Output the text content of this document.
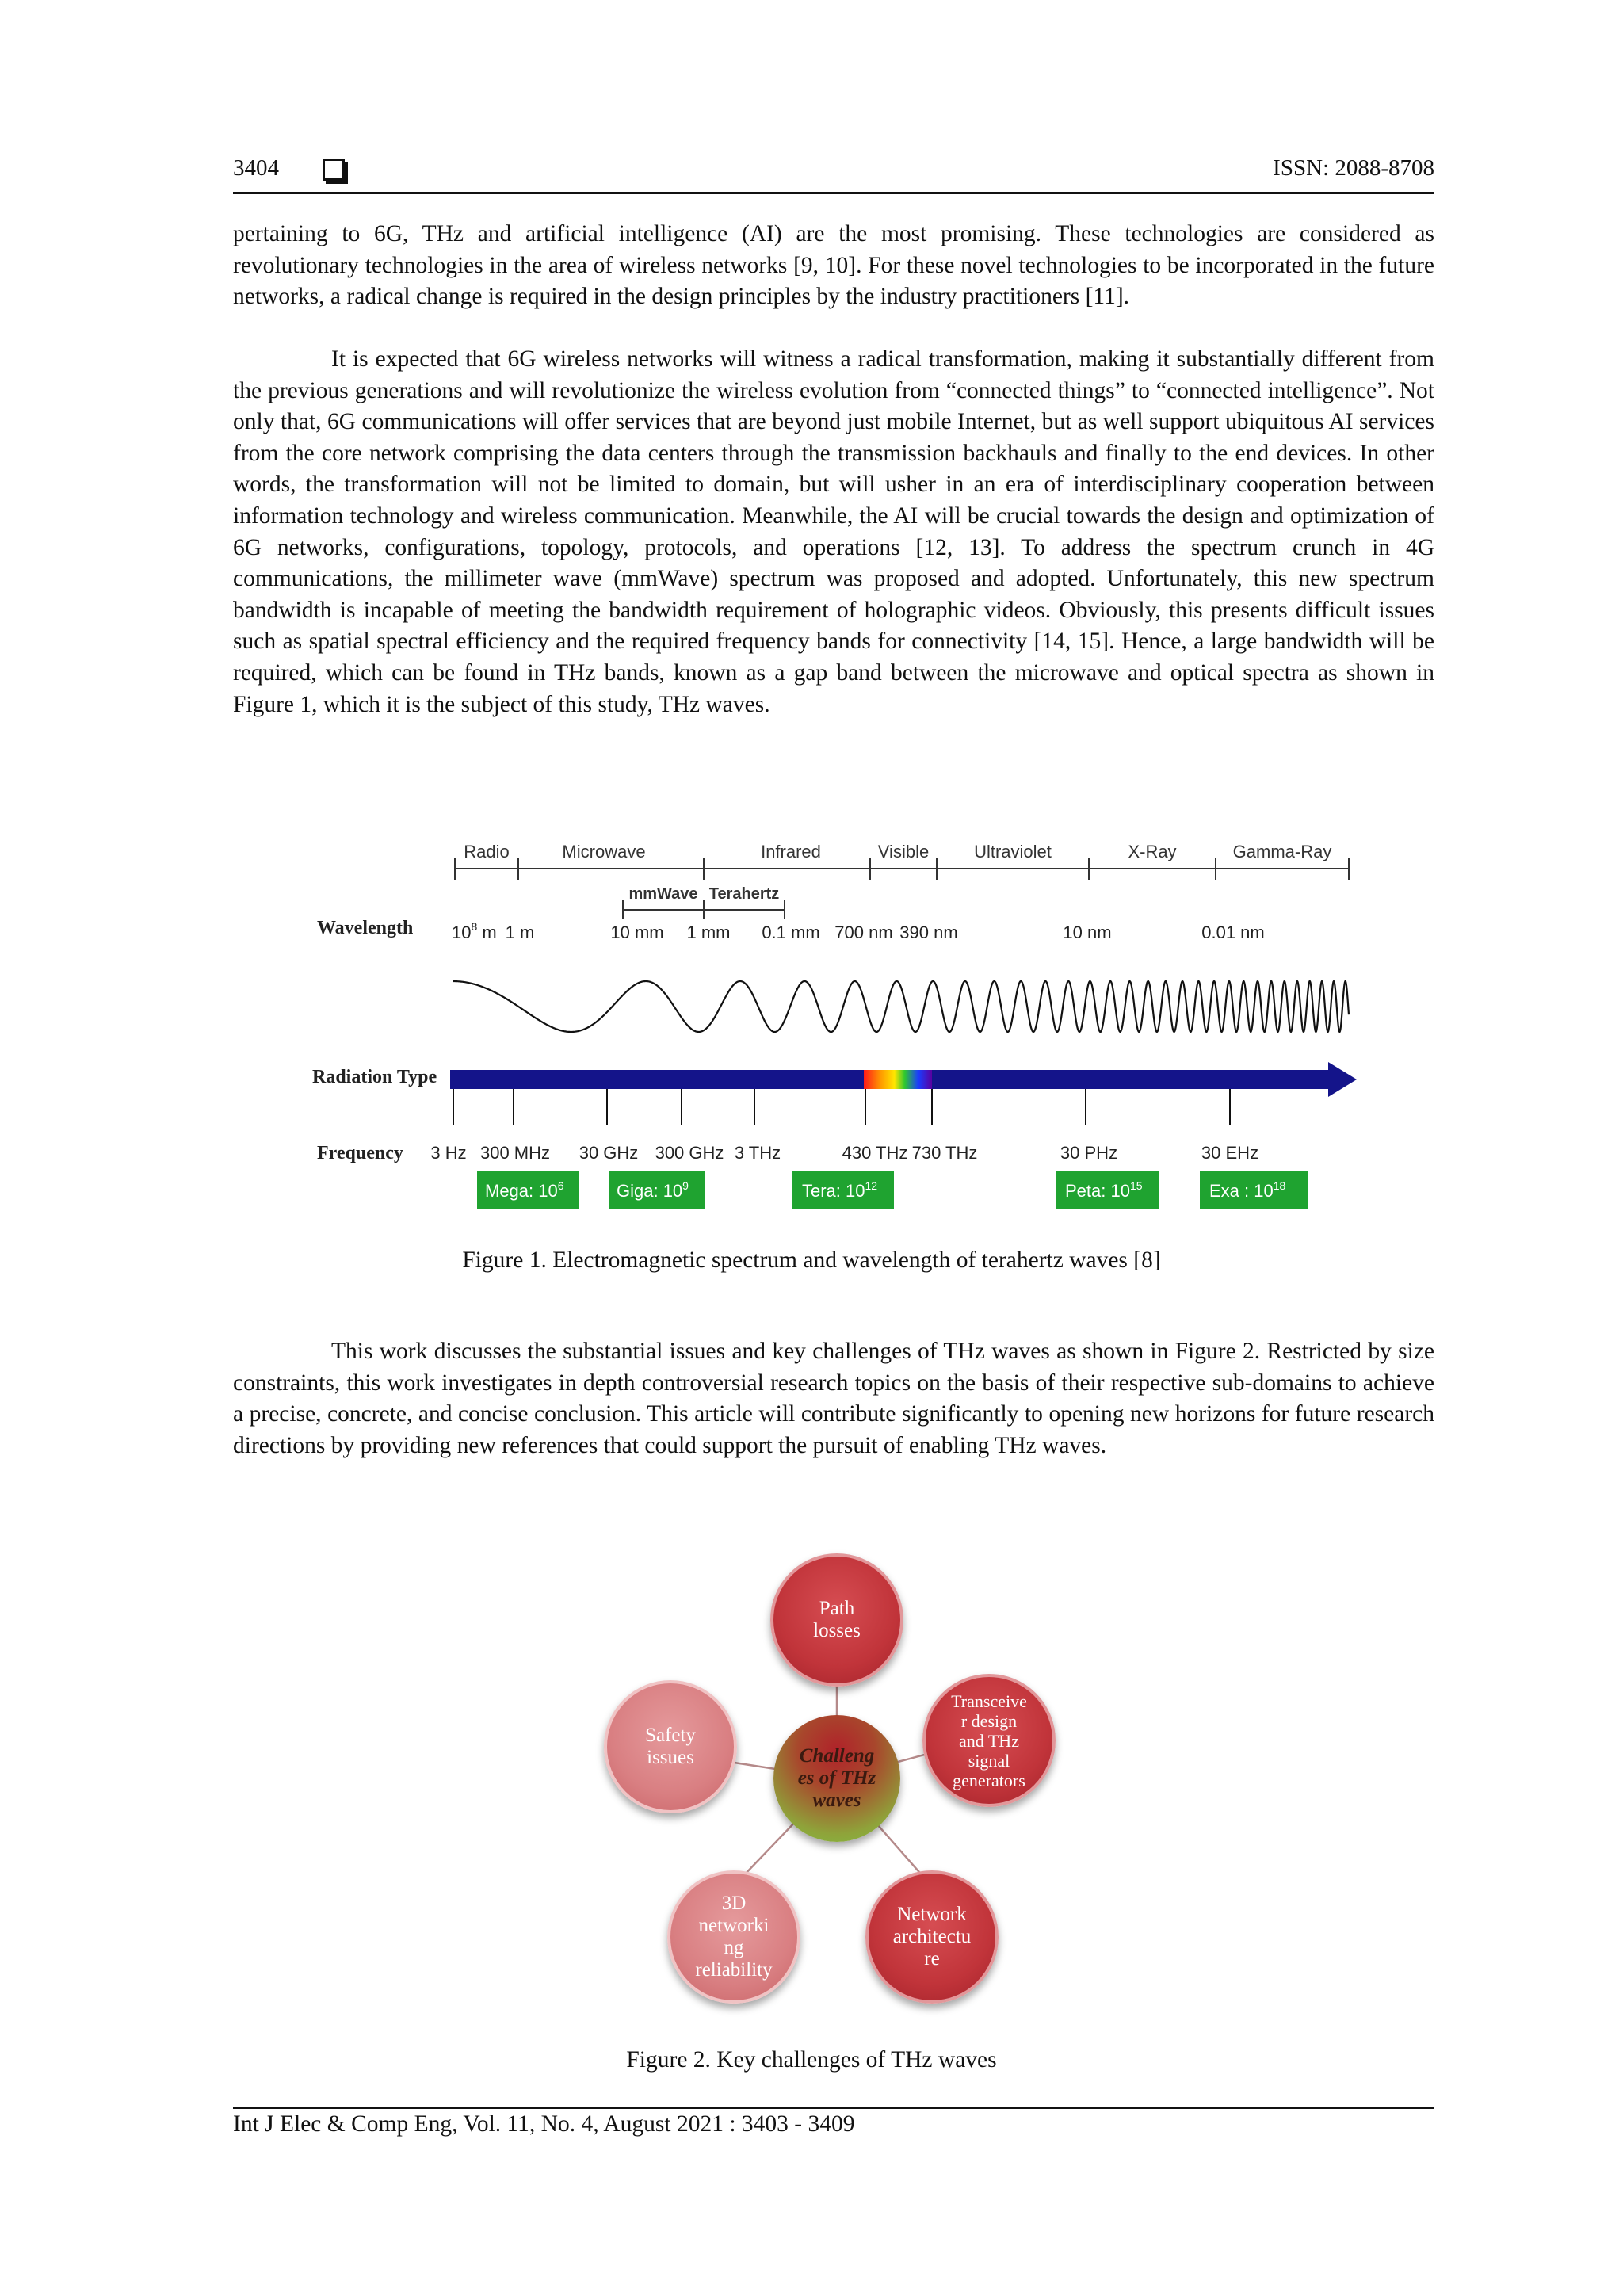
3404	ISSN: 2088-8708

pertaining to 6G, THz and artificial intelligence (AI) are the most promising. These technologies are considered as revolutionary technologies in the area of wireless networks [9, 10]. For these novel technologies to be incorporated in the future networks, a radical change is required in the design principles by the industry practitioners [11].

It is expected that 6G wireless networks will witness a radical transformation, making it substantially different from the previous generations and will revolutionize the wireless evolution from “connected things” to “connected intelligence”. Not only that, 6G communications will offer services that are beyond just mobile Internet, but as well support ubiquitous AI services from the core network comprising the data centers through the transmission backhauls and finally to the end devices. In other words, the transformation will not be limited to domain, but will usher in an era of interdisciplinary cooperation between information technology and wireless communication. Meanwhile, the AI will be crucial towards the design and optimization of 6G networks, configurations, topology, protocols, and operations [12, 13]. To address the spectrum crunch in 4G communications, the millimeter wave (mmWave) spectrum was proposed and adopted. Unfortunately, this new spectrum bandwidth is incapable of meeting the bandwidth requirement of holographic videos. Obviously, this presents difficult issues such as spatial spectral efficiency and the required frequency bands for connectivity [14, 15]. Hence, a large bandwidth will be required, which can be found in THz bands, known as a gap band between the microwave and optical spectra as shown in Figure 1, which it is the subject of this study, THz waves.

Radio	Microwave	Infrared	Visible	Ultraviolet	X-Ray	Gamma-Ray
mmWave Terahertz
Wavelength
Radiation Type
Frequency
$10^8$ m 1 m	10 mm 1 mm 0.1 mm 700 nm 390 nm	10 nm	0.01 nm
3 Hz 300 MHz 30 GHz 300 GHz 3 THz	430 THz 730 THz	30 PHz	30 EHz
Mega: $10^6$	Giga: $10^9$	Tera: $10^{12}$	Peta: $10^{15}$	Exa : $10^{18}$
Figure 1. Electromagnetic spectrum and wavelength of terahertz waves [8]

This work discusses the substantial issues and key challenges of THz waves as shown in Figure 2. Restricted by size constraints, this work investigates in depth controversial research topics on the basis of their respective sub-domains to achieve a precise, concrete, and concise conclusion. This article will contribute significantly to opening new horizons for future research directions by providing new references that could support the pursuit of enabling THz waves.

Challeng
es of THz
waves
Path
losses
Transceive
r design
and THz
signal
generators
Network
architectu
re
3D
networki
ng
reliability
Safety
issues
Figure 2. Key challenges of THz waves
Int J Elec & Comp Eng, Vol. 11, No. 4, August 2021 : 3403 - 3409
